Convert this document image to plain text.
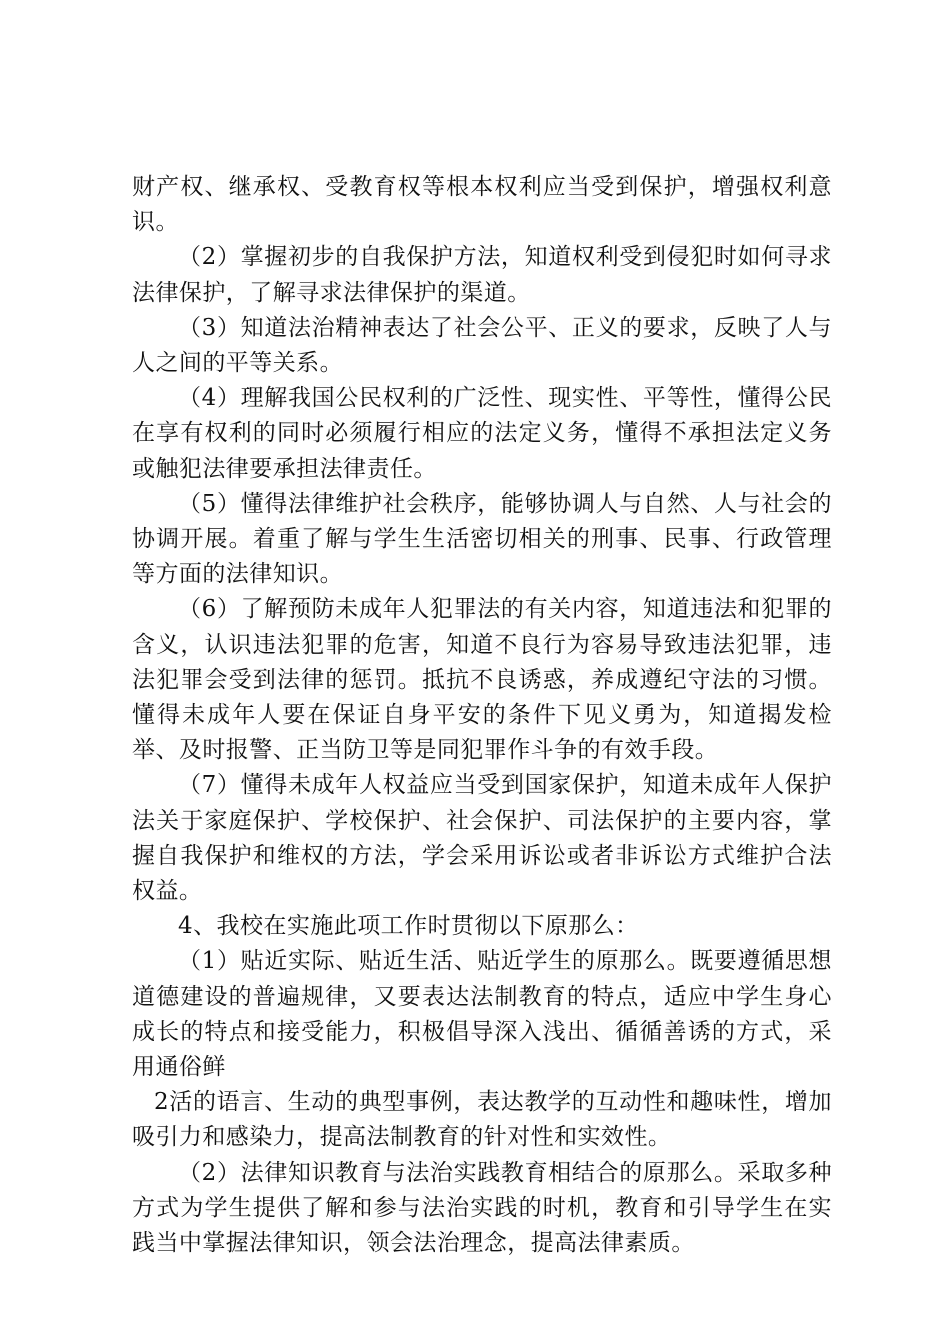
财产权、继承权、受教育权等根本权利应当受到保护，增强权利意识。

（2）掌握初步的自我保护方法，知道权利受到侵犯时如何寻求法律保护，了解寻求法律保护的渠道。

（3）知道法治精神表达了社会公平、正义的要求，反映了人与人之间的平等关系。

（4）理解我国公民权利的广泛性、现实性、平等性，懂得公民在享有权利的同时必须履行相应的法定义务，懂得不承担法定义务或触犯法律要承担法律责任。

（5）懂得法律维护社会秩序，能够协调人与自然、人与社会的协调开展。着重了解与学生生活密切相关的刑事、民事、行政管理等方面的法律知识。

（6）了解预防未成年人犯罪法的有关内容，知道违法和犯罪的含义，认识违法犯罪的危害，知道不良行为容易导致违法犯罪，违法犯罪会受到法律的惩罚。抵抗不良诱惑，养成遵纪守法的习惯。懂得未成年人要在保证自身平安的条件下见义勇为，知道揭发检举、及时报警、正当防卫等是同犯罪作斗争的有效手段。

（7）懂得未成年人权益应当受到国家保护，知道未成年人保护法关于家庭保护、学校保护、社会保护、司法保护的主要内容，掌握自我保护和维权的方法，学会采用诉讼或者非诉讼方式维护合法权益。

4、我校在实施此项工作时贯彻以下原那么：

（1）贴近实际、贴近生活、贴近学生的原那么。既要遵循思想道德建设的普遍规律，又要表达法制教育的特点，适应中学生身心成长的特点和接受能力，积极倡导深入浅出、循循善诱的方式，采用通俗鲜

2活的语言、生动的典型事例，表达教学的互动性和趣味性，增加吸引力和感染力，提高法制教育的针对性和实效性。

（2）法律知识教育与法治实践教育相结合的原那么。采取多种方式为学生提供了解和参与法治实践的时机，教育和引导学生在实践当中掌握法律知识，领会法治理念，提高法律素质。
